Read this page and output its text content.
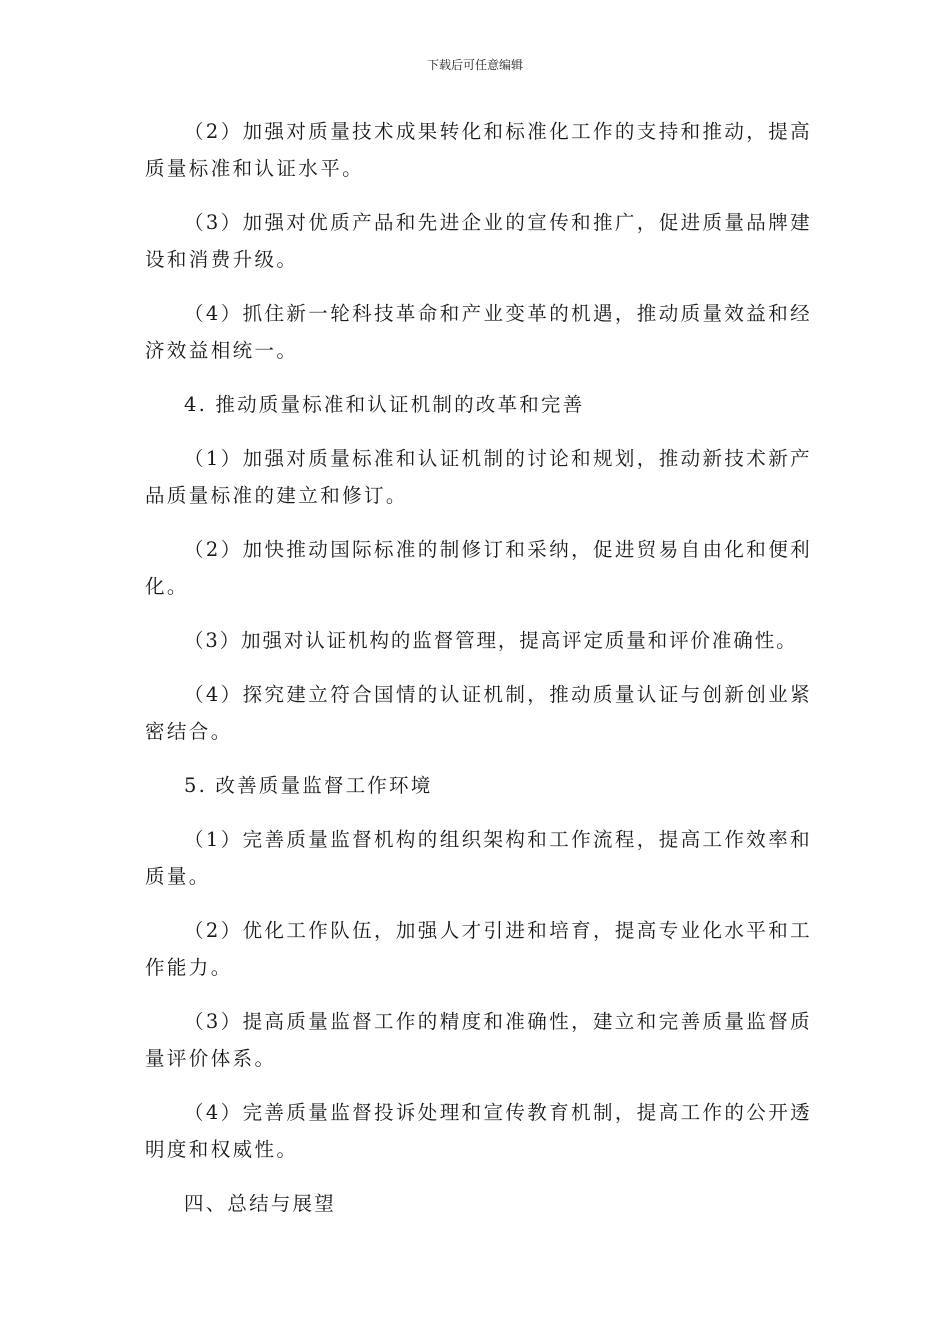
下载后可任意编辑

（2）加强对质量技术成果转化和标准化工作的支持和推动，提高质量标准和认证水平。

（3）加强对优质产品和先进企业的宣传和推广，促进质量品牌建设和消费升级。

（4）抓住新一轮科技革命和产业变革的机遇，推动质量效益和经济效益相统一。

4. 推动质量标准和认证机制的改革和完善

（1）加强对质量标准和认证机制的讨论和规划，推动新技术新产品质量标准的建立和修订。

（2）加快推动国际标准的制修订和采纳，促进贸易自由化和便利化。

（3）加强对认证机构的监督管理，提高评定质量和评价准确性。

（4）探究建立符合国情的认证机制，推动质量认证与创新创业紧密结合。

5. 改善质量监督工作环境

（1）完善质量监督机构的组织架构和工作流程，提高工作效率和质量。

（2）优化工作队伍，加强人才引进和培育，提高专业化水平和工作能力。

（3）提高质量监督工作的精度和准确性，建立和完善质量监督质量评价体系。

（4）完善质量监督投诉处理和宣传教育机制，提高工作的公开透明度和权威性。

四、总结与展望
